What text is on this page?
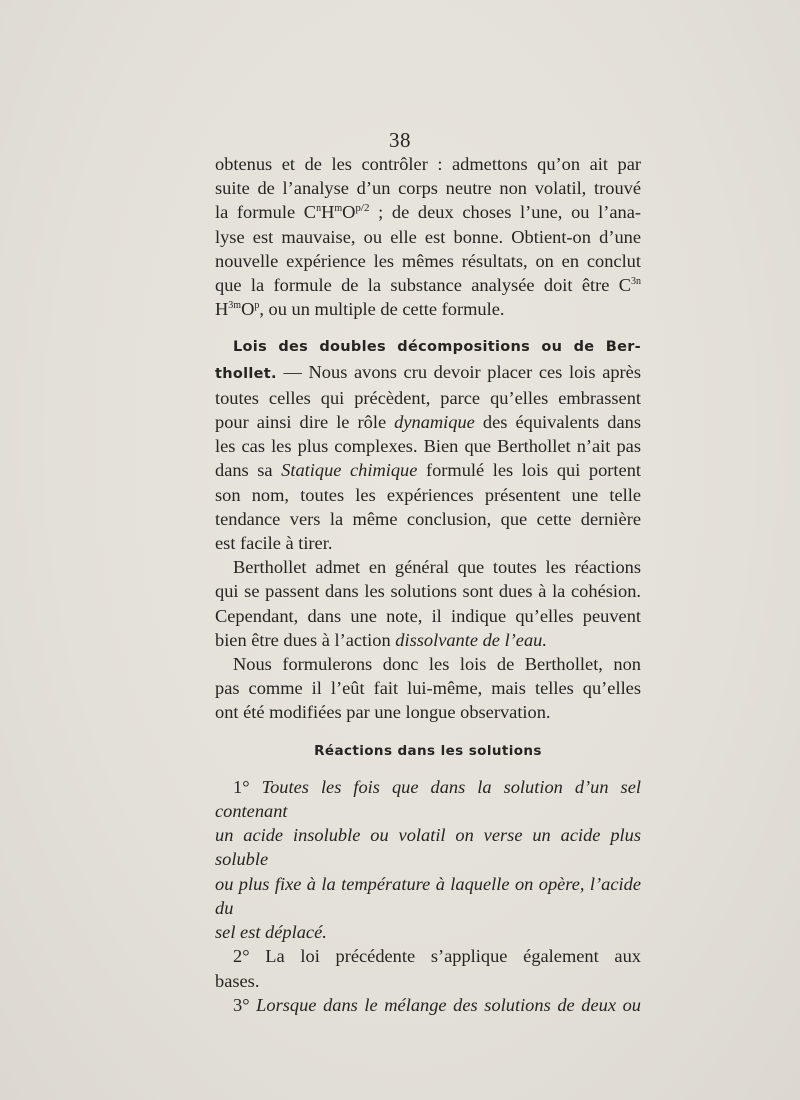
38

obtenus et de les contrôler : admettons qu’on ait par

suite de l’analyse d’un corps neutre non volatil, trouvé

la formule $C^nH^mO^{p/2}$ ; de deux choses l’une, ou l’ana-

lyse est mauvaise, ou elle est bonne. Obtient-on d’une

nouvelle expérience les mêmes résultats, on en conclut

que la formule de la substance analysée doit être $C^{3n}$

$H^{3m}O^p$, ou un multiple de cette formule.

Lois des doubles décompositions ou de Ber-

thollet. — Nous avons cru devoir placer ces lois après

toutes celles qui précèdent, parce qu’elles embrassent

pour ainsi dire le rôle dynamique des équivalents dans

les cas les plus complexes. Bien que Berthollet n’ait pas

dans sa Statique chimique formulé les lois qui portent

son nom, toutes les expériences présentent une telle

tendance vers la même conclusion, que cette dernière

est facile à tirer.

Berthollet admet en général que toutes les réactions

qui se passent dans les solutions sont dues à la cohésion.

Cependant, dans une note, il indique qu’elles peuvent

bien être dues à l’action dissolvante de l’eau.

Nous formulerons donc les lois de Berthollet, non

pas comme il l’eût fait lui-même, mais telles qu’elles

ont été modifiées par une longue observation.

Réactions dans les solutions

1° Toutes les fois que dans la solution d’un sel contenant

un acide insoluble ou volatil on verse un acide plus soluble

ou plus fixe à la température à laquelle on opère, l’acide du

sel est déplacé.

2° La loi précédente s’applique également aux

bases.

3° Lorsque dans le mélange des solutions de deux ou
